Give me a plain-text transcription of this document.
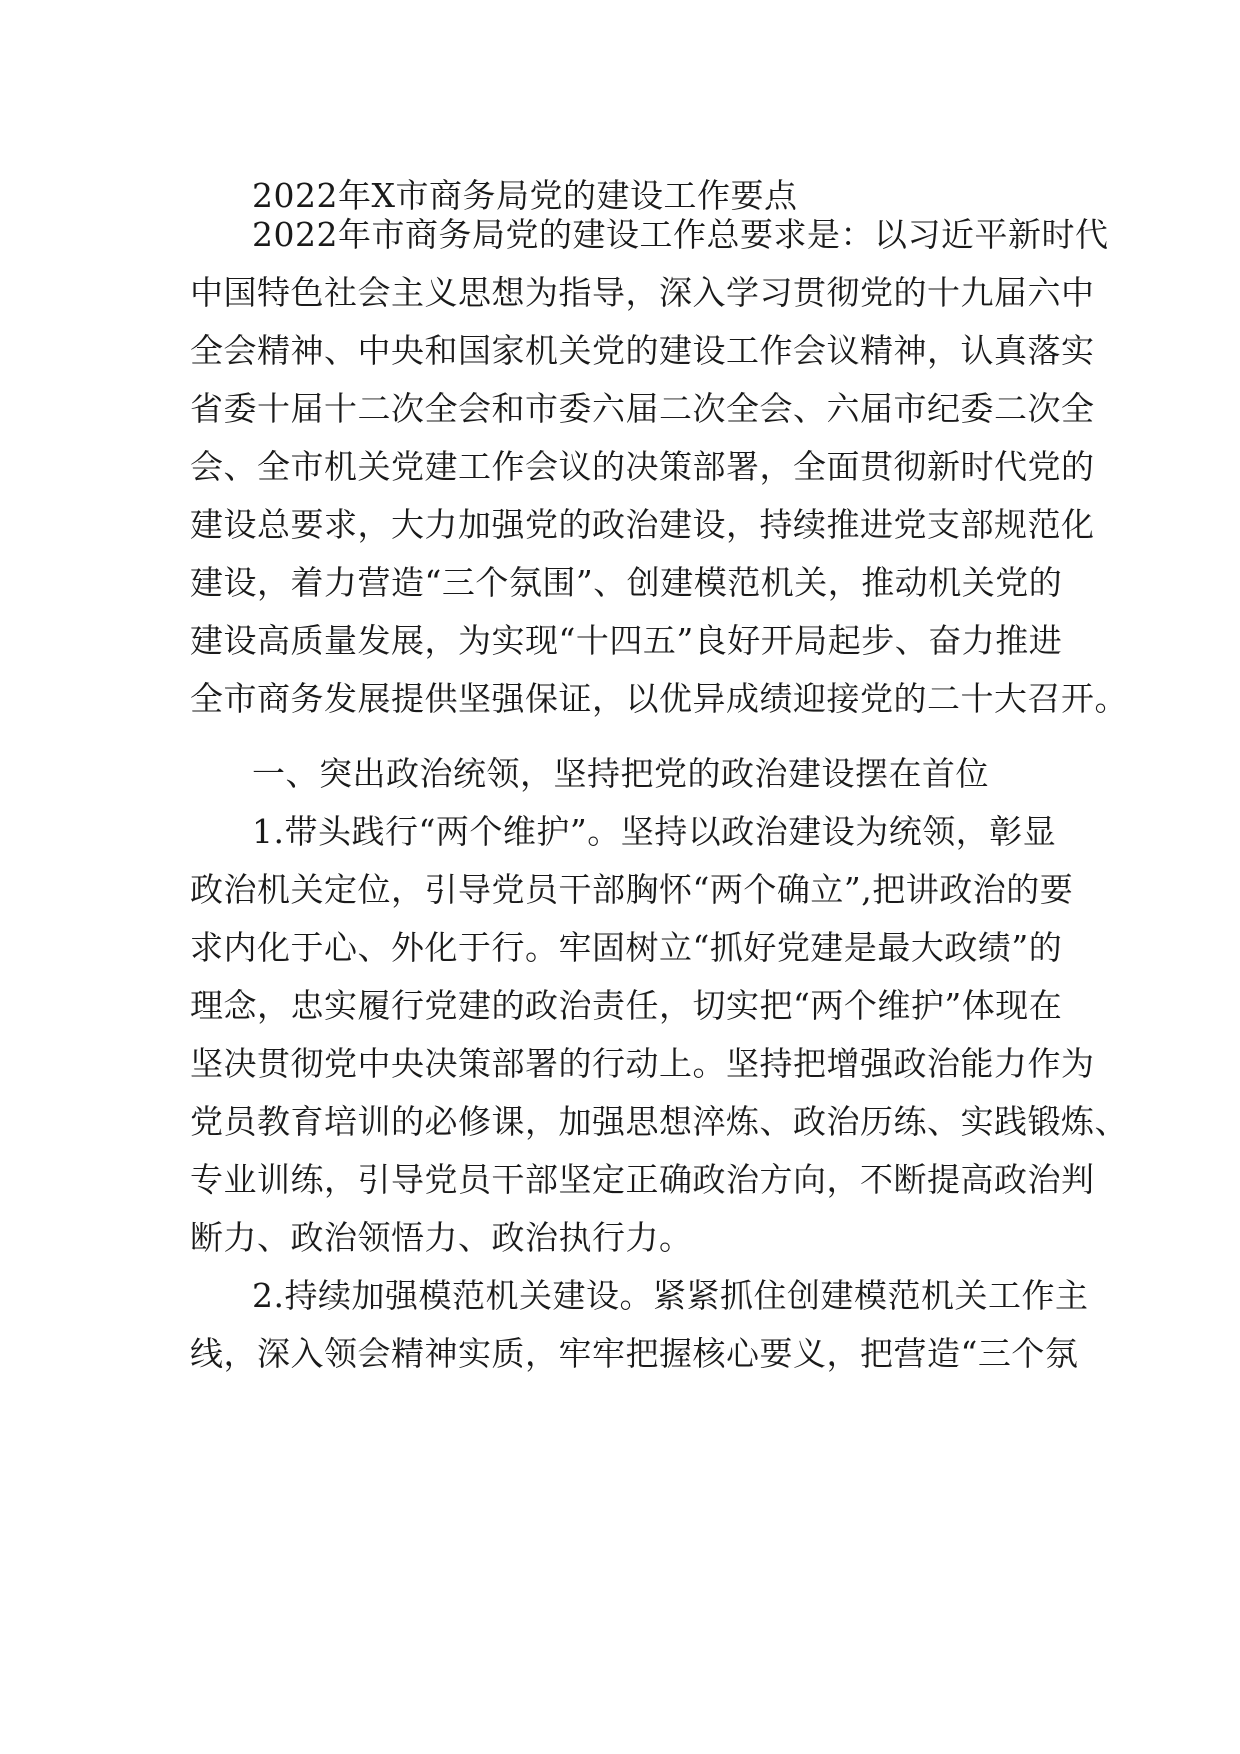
2022年X市商务局党的建设工作要点
2022年市商务局党的建设工作总要求是：以习近平新时代
中国特色社会主义思想为指导，深入学习贯彻党的十九届六中
全会精神、中央和国家机关党的建设工作会议精神，认真落实
省委十届十二次全会和市委六届二次全会、六届市纪委二次全
会、全市机关党建工作会议的决策部署，全面贯彻新时代党的
建设总要求，大力加强党的政治建设，持续推进党支部规范化
建设，着力营造“三个氛围”、创建模范机关，推动机关党的
建设高质量发展，为实现“十四五”良好开局起步、奋力推进
全市商务发展提供坚强保证，以优异成绩迎接党的二十大召开。
一、突出政治统领，坚持把党的政治建设摆在首位
1.带头践行“两个维护”。坚持以政治建设为统领，彰显
政治机关定位，引导党员干部胸怀“两个确立”,把讲政治的要
求内化于心、外化于行。牢固树立“抓好党建是最大政绩”的
理念，忠实履行党建的政治责任，切实把“两个维护”体现在
坚决贯彻党中央决策部署的行动上。坚持把增强政治能力作为
党员教育培训的必修课，加强思想淬炼、政治历练、实践锻炼、
专业训练，引导党员干部坚定正确政治方向，不断提高政治判
断力、政治领悟力、政治执行力。
2.持续加强模范机关建设。紧紧抓住创建模范机关工作主
线，深入领会精神实质，牢牢把握核心要义，把营造“三个氛
